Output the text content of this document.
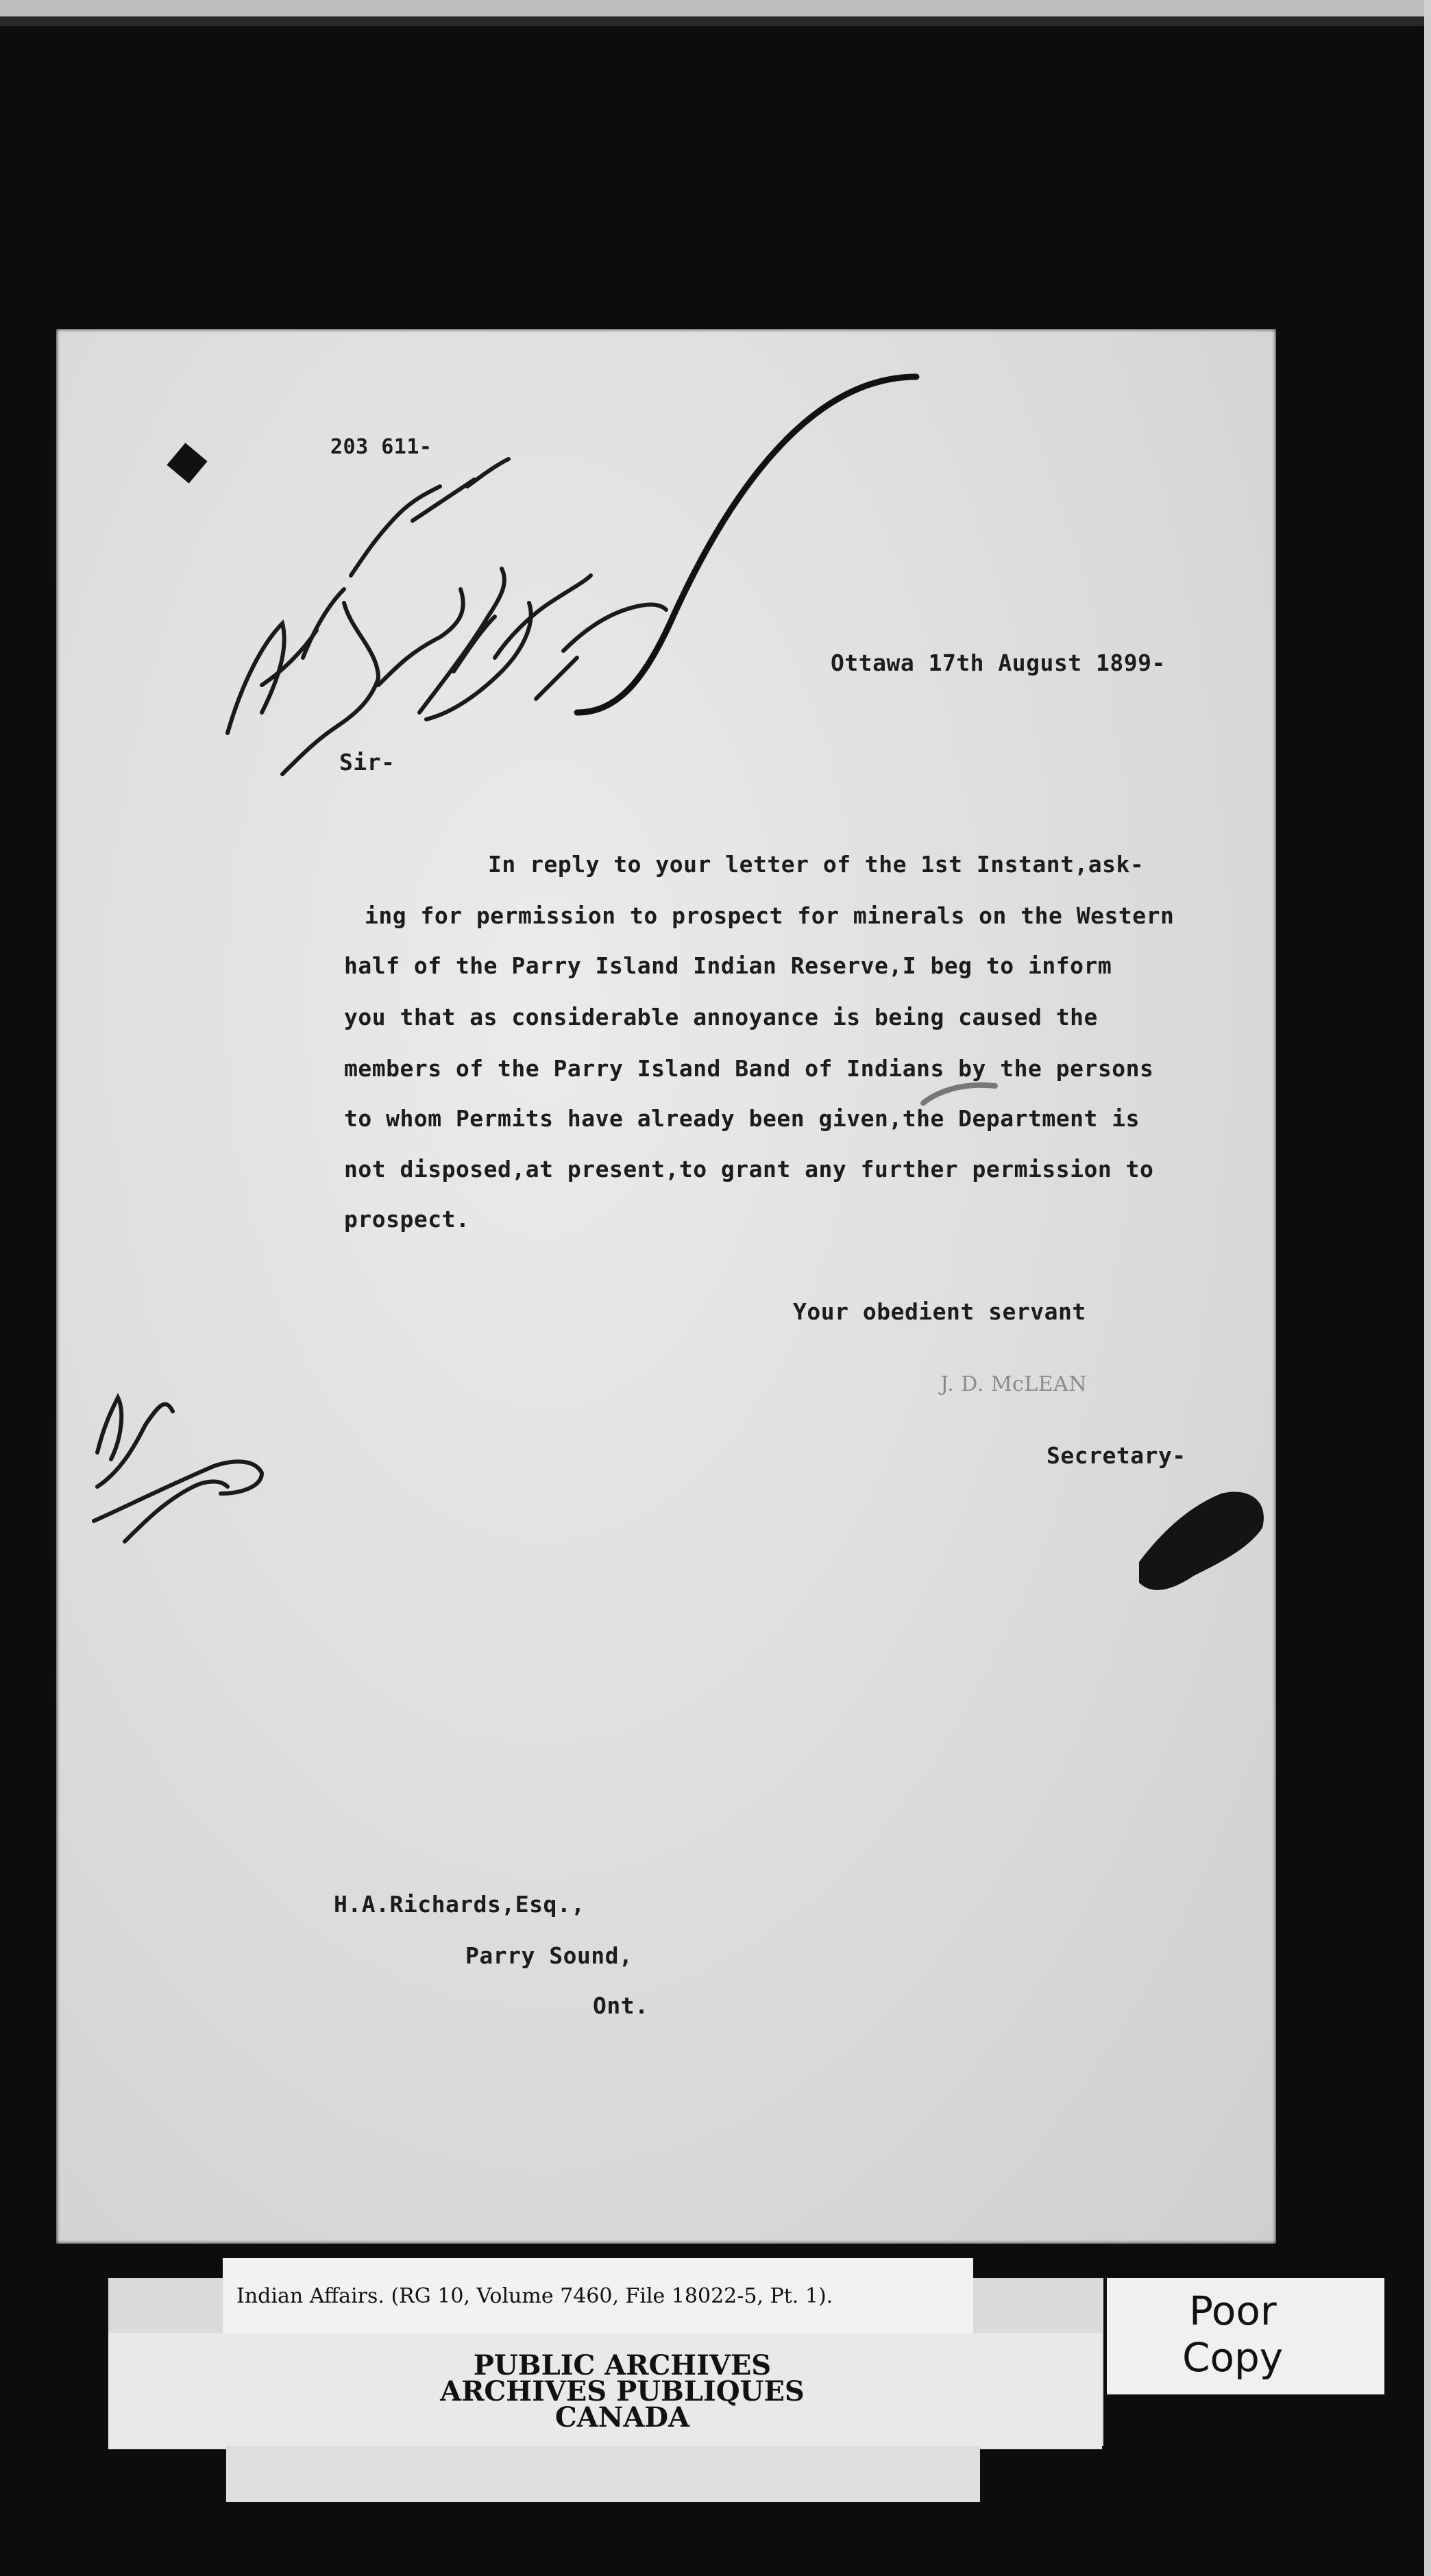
203 611-
Ottawa 17th August 1899-
Sir-
In reply to your letter of the 1st Instant,ask-
ing for permission to prospect for minerals on the Western
half of the Parry Island Indian Reserve,I beg to inform
you that as considerable annoyance is being caused the
members of the Parry Island Band of Indians by the persons
to whom Permits have already been given,the Department is
not disposed,at present,to grant any further permission to
prospect.
Your obedient servant
J. D. McLEAN
Secretary-
H.A.Richards,Esq.,
Parry Sound,
Ont.
Indian Affairs. (RG 10, Volume 7460, File 18022-5, Pt. 1).
PUBLIC ARCHIVES
ARCHIVES PUBLIQUES
CANADA
Poor
Copy
